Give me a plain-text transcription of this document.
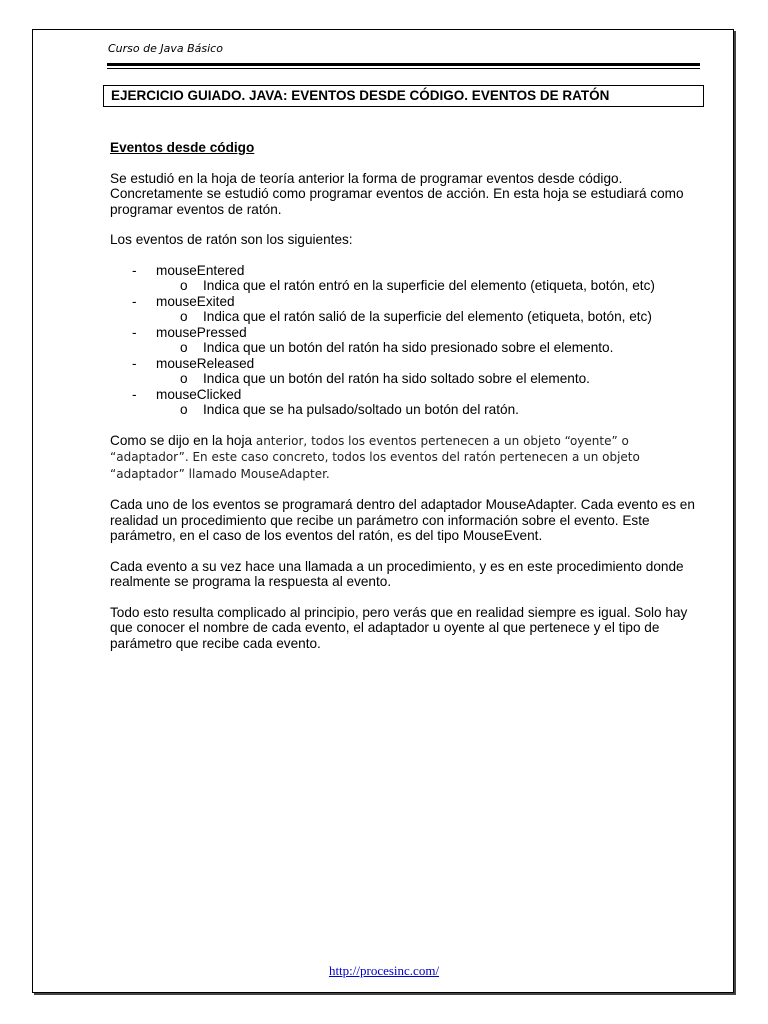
Curso de Java Básico
EJERCICIO GUIADO. JAVA: EVENTOS DESDE CÓDIGO. EVENTOS DE RATÓN
Eventos desde código

Se estudió en la hoja de teoría anterior la forma de programar eventos desde código. Concretamente se estudió como programar eventos de acción. En esta hoja se estudiará como programar eventos de ratón.

Los eventos de ratón son los siguientes:

- mouseEntered
o Indica que el ratón entró en la superficie del elemento (etiqueta, botón, etc)
- mouseExited
o Indica que el ratón salió de la superficie del elemento (etiqueta, botón, etc)
- mousePressed
o Indica que un botón del ratón ha sido presionado sobre el elemento.
- mouseReleased
o Indica que un botón del ratón ha sido soltado sobre el elemento.
- mouseClicked
o Indica que se ha pulsado/soltado un botón del ratón.

Como se dijo en la hoja anterior, todos los eventos pertenecen a un objeto “oyente” o “adaptador”. En este caso concreto, todos los eventos del ratón pertenecen a un objeto “adaptador” llamado MouseAdapter.

Cada uno de los eventos se programará dentro del adaptador MouseAdapter. Cada evento es en realidad un procedimiento que recibe un parámetro con información sobre el evento. Este parámetro, en el caso de los eventos del ratón, es del tipo MouseEvent.

Cada evento a su vez hace una llamada a un procedimiento, y es en este procedimiento donde realmente se programa la respuesta al evento.

Todo esto resulta complicado al principio, pero verás que en realidad siempre es igual. Solo hay que conocer el nombre de cada evento, el adaptador u oyente al que pertenece y el tipo de parámetro que recibe cada evento.

http://procesinc.com/
